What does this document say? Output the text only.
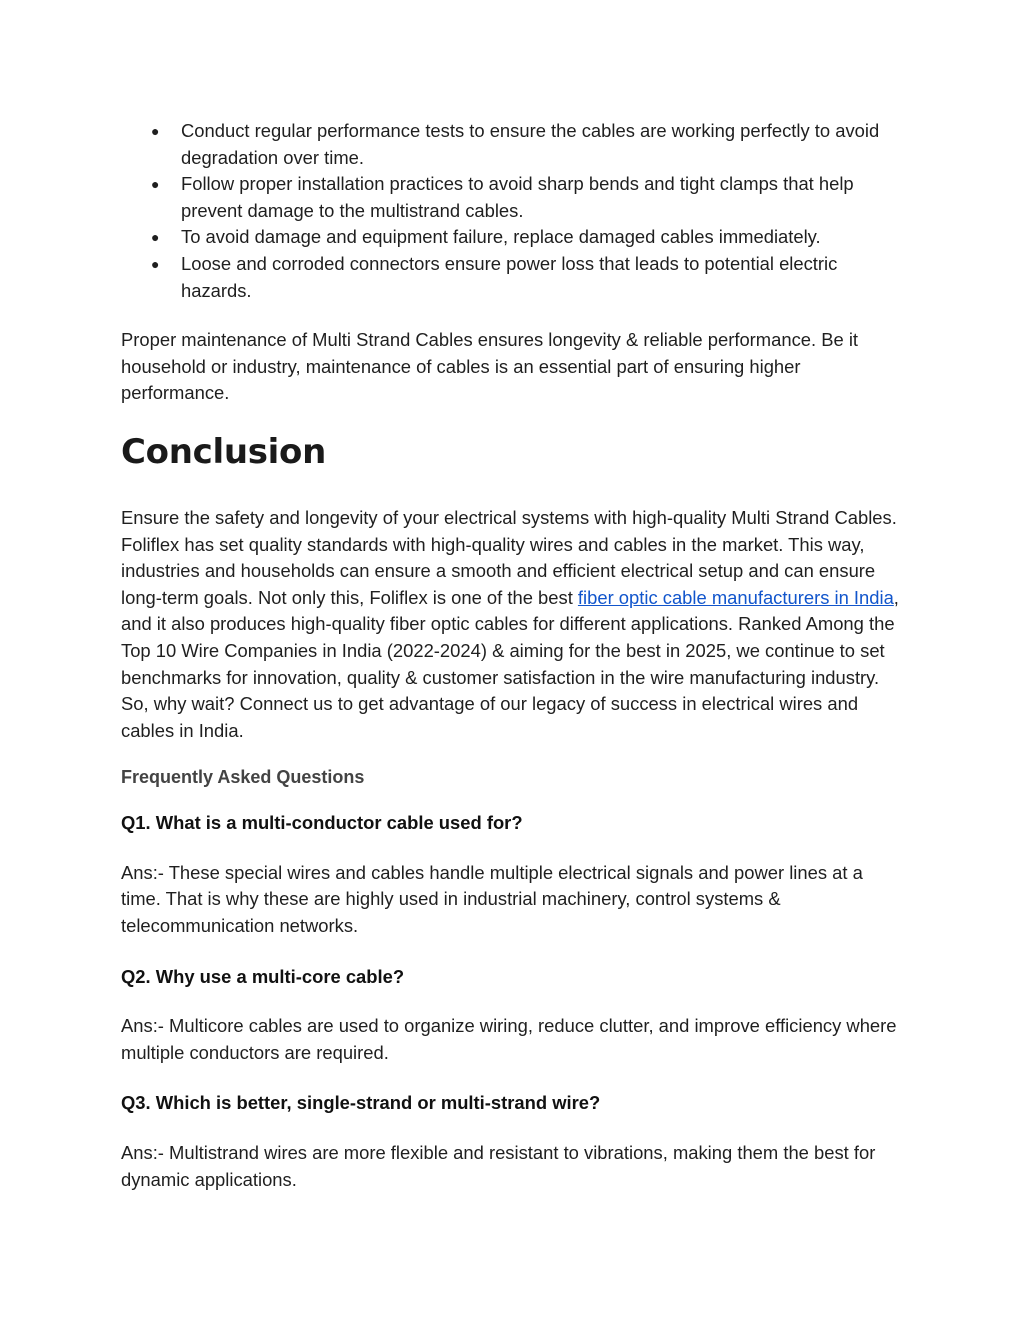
● Conduct regular performance tests to ensure the cables are working perfectly to avoid degradation over time.
● Follow proper installation practices to avoid sharp bends and tight clamps that help prevent damage to the multistrand cables.
● To avoid damage and equipment failure, replace damaged cables immediately.
● Loose and corroded connectors ensure power loss that leads to potential electric hazards.

Proper maintenance of Multi Strand Cables ensures longevity & reliable performance. Be it household or industry, maintenance of cables is an essential part of ensuring higher performance.

Conclusion

Ensure the safety and longevity of your electrical systems with high-quality Multi Strand Cables. Foliflex has set quality standards with high-quality wires and cables in the market. This way, industries and households can ensure a smooth and efficient electrical setup and can ensure long-term goals. Not only this, Foliflex is one of the best fiber optic cable manufacturers in India, and it also produces high-quality fiber optic cables for different applications. Ranked Among the Top 10 Wire Companies in India (2022-2024) & aiming for the best in 2025, we continue to set benchmarks for innovation, quality & customer satisfaction in the wire manufacturing industry. So, why wait? Connect us to get advantage of our legacy of success in electrical wires and cables in India.

Frequently Asked Questions

Q1. What is a multi-conductor cable used for?

Ans:- These special wires and cables handle multiple electrical signals and power lines at a time. That is why these are highly used in industrial machinery, control systems & telecommunication networks.

Q2. Why use a multi-core cable?

Ans:- Multicore cables are used to organize wiring, reduce clutter, and improve efficiency where multiple conductors are required.

Q3. Which is better, single-strand or multi-strand wire?

Ans:- Multistrand wires are more flexible and resistant to vibrations, making them the best for dynamic applications.
